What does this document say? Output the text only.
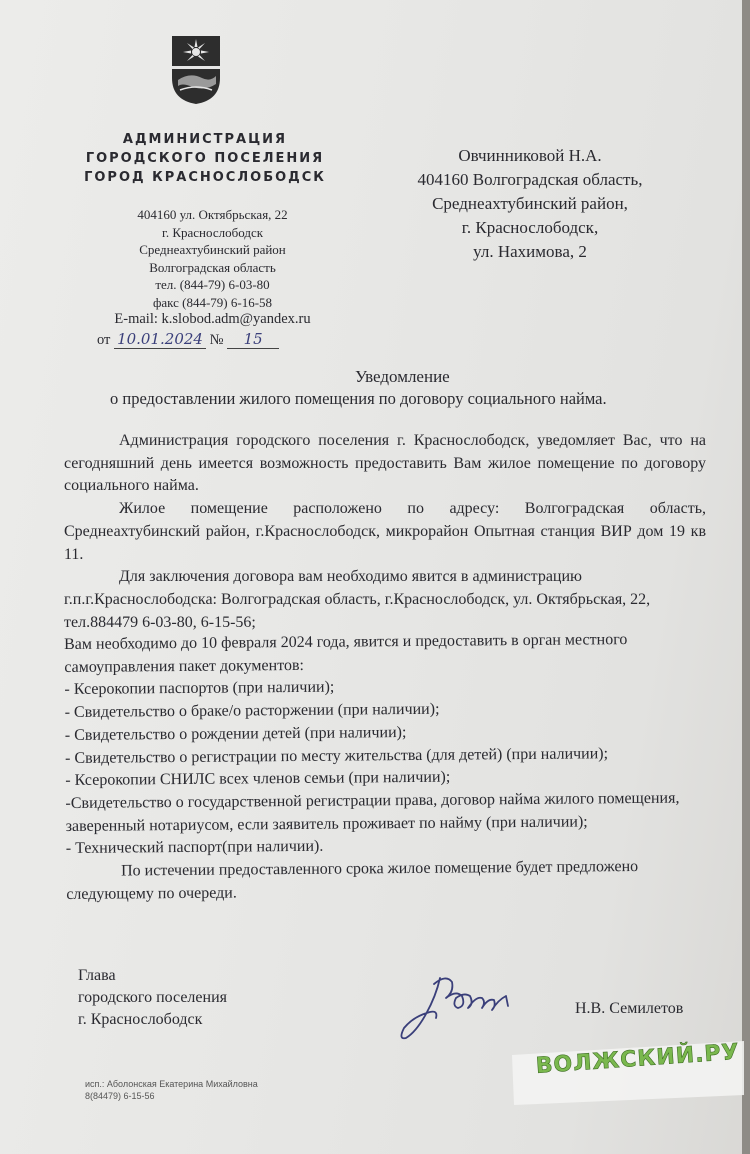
АДМИНИСТРАЦИЯ
ГОРОДСКОГО ПОСЕЛЕНИЯ
ГОРОД КРАСНОСЛОБОДСК
404160 ул. Октябрьская, 22
г. Краснослободск
Среднеахтубинский район
Волгоградская область
тел. (844-79) 6-03-80
факс (844-79) 6-16-58
E-mail: k.slobod.adm@yandex.ru
от 10.01.2024 № 15
Овчинниковой Н.А.
404160 Волгоградская область,
Среднеахтубинский район,
г. Краснослободск,
ул. Нахимова, 2
Уведомление
о предоставлении жилого помещения по договору социального найма.

Администрация городского поселения г. Краснослободск, уведомляет Вас, что на сегодняшний день имеется возможность предоставить Вам жилое помещение по договору социального найма.

Жилое помещение расположено по адресу: Волгоградская область, Среднеахтубинский район, г.Краснослободск, микрорайон Опытная станция ВИР дом 19 кв 11.

Для заключения договора вам необходимо явится в администрацию г.п.г.Краснослободска: Волгоградская область, г.Краснослободск, ул. Октябрьская, 22, тел.884479 6-03-80, 6-15-56;

Вам необходимо до 10 февраля 2024 года, явится и предоставить в орган местного самоуправления пакет документов:

- Ксерокопии паспортов (при наличии);

- Свидетельство о браке/о расторжении (при наличии);

- Свидетельство о рождении детей (при наличии);

- Свидетельство о регистрации по месту жительства (для детей) (при наличии);

- Ксерокопии СНИЛС всех членов семьи (при наличии);

-Свидетельство о государственной регистрации права, договор найма жилого помещения, заверенный нотариусом, если заявитель проживает по найму (при наличии);

- Технический паспорт(при наличии).

По истечении предоставленного срока жилое помещение будет предложено следующему по очереди.

Глава
городского поселения
г. Краснослободск
Н.В. Семилетов
исп.: Аболонская Екатерина Михайловна
8(84479) 6-15-56
ВОЛЖСКИЙ.РУ
